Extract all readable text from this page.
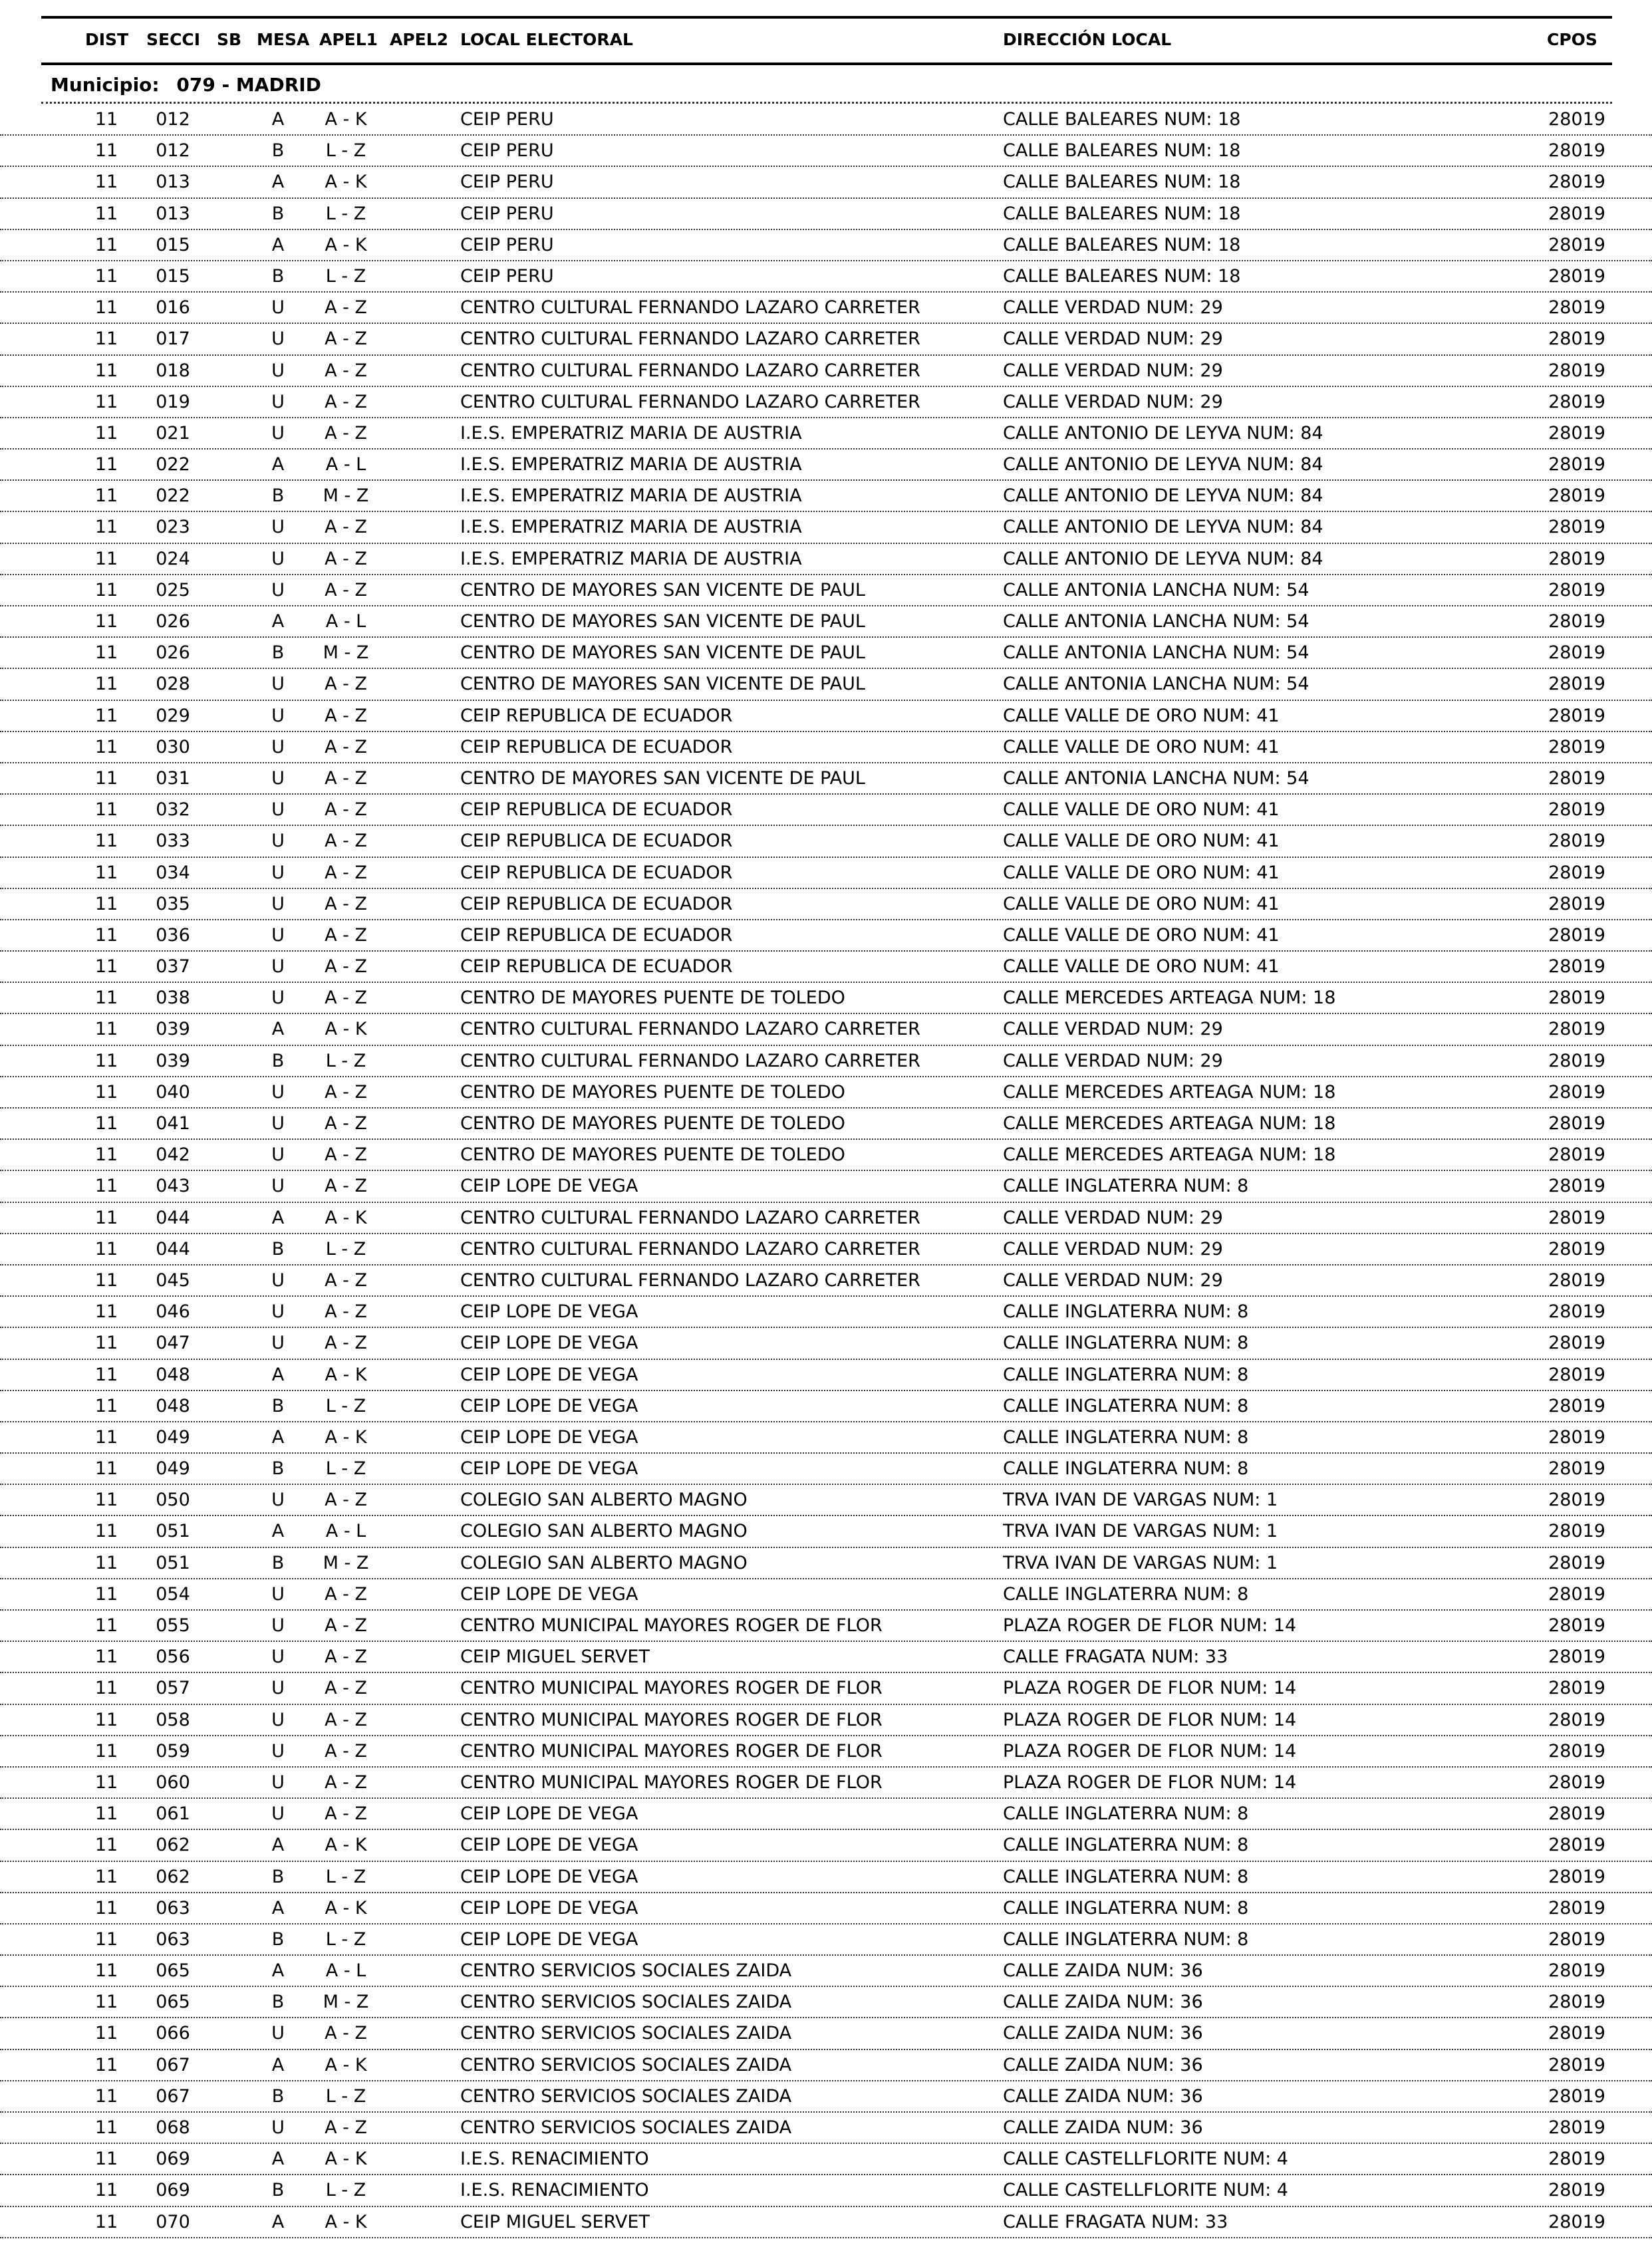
DIST SECCI SB MESA APEL1 APEL2 LOCAL ELECTORAL	DIRECCIÓN LOCAL	CPOS
Municipio: 079 - MADRID
11	012	A	A - K	CEIP PERU	CALLE BALEARES NUM: 18	28019
11	012	B	L - Z	CEIP PERU	CALLE BALEARES NUM: 18	28019
11	013	A	A - K	CEIP PERU	CALLE BALEARES NUM: 18	28019
11	013	B	L - Z	CEIP PERU	CALLE BALEARES NUM: 18	28019
11	015	A	A - K	CEIP PERU	CALLE BALEARES NUM: 18	28019
11	015	B	L - Z	CEIP PERU	CALLE BALEARES NUM: 18	28019
11	016	U	A - Z	CENTRO CULTURAL FERNANDO LAZARO CARRETER	CALLE VERDAD NUM: 29	28019
11	017	U	A - Z	CENTRO CULTURAL FERNANDO LAZARO CARRETER	CALLE VERDAD NUM: 29	28019
11	018	U	A - Z	CENTRO CULTURAL FERNANDO LAZARO CARRETER	CALLE VERDAD NUM: 29	28019
11	019	U	A - Z	CENTRO CULTURAL FERNANDO LAZARO CARRETER	CALLE VERDAD NUM: 29	28019
11	021	U	A - Z	I.E.S. EMPERATRIZ MARIA DE AUSTRIA	CALLE ANTONIO DE LEYVA NUM: 84	28019
11	022	A	A - L	I.E.S. EMPERATRIZ MARIA DE AUSTRIA	CALLE ANTONIO DE LEYVA NUM: 84	28019
11	022	B	M - Z	I.E.S. EMPERATRIZ MARIA DE AUSTRIA	CALLE ANTONIO DE LEYVA NUM: 84	28019
11	023	U	A - Z	I.E.S. EMPERATRIZ MARIA DE AUSTRIA	CALLE ANTONIO DE LEYVA NUM: 84	28019
11	024	U	A - Z	I.E.S. EMPERATRIZ MARIA DE AUSTRIA	CALLE ANTONIO DE LEYVA NUM: 84	28019
11	025	U	A - Z	CENTRO DE MAYORES SAN VICENTE DE PAUL	CALLE ANTONIA LANCHA NUM: 54	28019
11	026	A	A - L	CENTRO DE MAYORES SAN VICENTE DE PAUL	CALLE ANTONIA LANCHA NUM: 54	28019
11	026	B	M - Z	CENTRO DE MAYORES SAN VICENTE DE PAUL	CALLE ANTONIA LANCHA NUM: 54	28019
11	028	U	A - Z	CENTRO DE MAYORES SAN VICENTE DE PAUL	CALLE ANTONIA LANCHA NUM: 54	28019
11	029	U	A - Z	CEIP REPUBLICA DE ECUADOR	CALLE VALLE DE ORO NUM: 41	28019
11	030	U	A - Z	CEIP REPUBLICA DE ECUADOR	CALLE VALLE DE ORO NUM: 41	28019
11	031	U	A - Z	CENTRO DE MAYORES SAN VICENTE DE PAUL	CALLE ANTONIA LANCHA NUM: 54	28019
11	032	U	A - Z	CEIP REPUBLICA DE ECUADOR	CALLE VALLE DE ORO NUM: 41	28019
11	033	U	A - Z	CEIP REPUBLICA DE ECUADOR	CALLE VALLE DE ORO NUM: 41	28019
11	034	U	A - Z	CEIP REPUBLICA DE ECUADOR	CALLE VALLE DE ORO NUM: 41	28019
11	035	U	A - Z	CEIP REPUBLICA DE ECUADOR	CALLE VALLE DE ORO NUM: 41	28019
11	036	U	A - Z	CEIP REPUBLICA DE ECUADOR	CALLE VALLE DE ORO NUM: 41	28019
11	037	U	A - Z	CEIP REPUBLICA DE ECUADOR	CALLE VALLE DE ORO NUM: 41	28019
11	038	U	A - Z	CENTRO DE MAYORES PUENTE DE TOLEDO	CALLE MERCEDES ARTEAGA NUM: 18	28019
11	039	A	A - K	CENTRO CULTURAL FERNANDO LAZARO CARRETER	CALLE VERDAD NUM: 29	28019
11	039	B	L - Z	CENTRO CULTURAL FERNANDO LAZARO CARRETER	CALLE VERDAD NUM: 29	28019
11	040	U	A - Z	CENTRO DE MAYORES PUENTE DE TOLEDO	CALLE MERCEDES ARTEAGA NUM: 18	28019
11	041	U	A - Z	CENTRO DE MAYORES PUENTE DE TOLEDO	CALLE MERCEDES ARTEAGA NUM: 18	28019
11	042	U	A - Z	CENTRO DE MAYORES PUENTE DE TOLEDO	CALLE MERCEDES ARTEAGA NUM: 18	28019
11	043	U	A - Z	CEIP LOPE DE VEGA	CALLE INGLATERRA NUM: 8	28019
11	044	A	A - K	CENTRO CULTURAL FERNANDO LAZARO CARRETER	CALLE VERDAD NUM: 29	28019
11	044	B	L - Z	CENTRO CULTURAL FERNANDO LAZARO CARRETER	CALLE VERDAD NUM: 29	28019
11	045	U	A - Z	CENTRO CULTURAL FERNANDO LAZARO CARRETER	CALLE VERDAD NUM: 29	28019
11	046	U	A - Z	CEIP LOPE DE VEGA	CALLE INGLATERRA NUM: 8	28019
11	047	U	A - Z	CEIP LOPE DE VEGA	CALLE INGLATERRA NUM: 8	28019
11	048	A	A - K	CEIP LOPE DE VEGA	CALLE INGLATERRA NUM: 8	28019
11	048	B	L - Z	CEIP LOPE DE VEGA	CALLE INGLATERRA NUM: 8	28019
11	049	A	A - K	CEIP LOPE DE VEGA	CALLE INGLATERRA NUM: 8	28019
11	049	B	L - Z	CEIP LOPE DE VEGA	CALLE INGLATERRA NUM: 8	28019
11	050	U	A - Z	COLEGIO SAN ALBERTO MAGNO	TRVA IVAN DE VARGAS NUM: 1	28019
11	051	A	A - L	COLEGIO SAN ALBERTO MAGNO	TRVA IVAN DE VARGAS NUM: 1	28019
11	051	B	M - Z	COLEGIO SAN ALBERTO MAGNO	TRVA IVAN DE VARGAS NUM: 1	28019
11	054	U	A - Z	CEIP LOPE DE VEGA	CALLE INGLATERRA NUM: 8	28019
11	055	U	A - Z	CENTRO MUNICIPAL MAYORES ROGER DE FLOR	PLAZA ROGER DE FLOR NUM: 14	28019
11	056	U	A - Z	CEIP MIGUEL SERVET	CALLE FRAGATA NUM: 33	28019
11	057	U	A - Z	CENTRO MUNICIPAL MAYORES ROGER DE FLOR	PLAZA ROGER DE FLOR NUM: 14	28019
11	058	U	A - Z	CENTRO MUNICIPAL MAYORES ROGER DE FLOR	PLAZA ROGER DE FLOR NUM: 14	28019
11	059	U	A - Z	CENTRO MUNICIPAL MAYORES ROGER DE FLOR	PLAZA ROGER DE FLOR NUM: 14	28019
11	060	U	A - Z	CENTRO MUNICIPAL MAYORES ROGER DE FLOR	PLAZA ROGER DE FLOR NUM: 14	28019
11	061	U	A - Z	CEIP LOPE DE VEGA	CALLE INGLATERRA NUM: 8	28019
11	062	A	A - K	CEIP LOPE DE VEGA	CALLE INGLATERRA NUM: 8	28019
11	062	B	L - Z	CEIP LOPE DE VEGA	CALLE INGLATERRA NUM: 8	28019
11	063	A	A - K	CEIP LOPE DE VEGA	CALLE INGLATERRA NUM: 8	28019
11	063	B	L - Z	CEIP LOPE DE VEGA	CALLE INGLATERRA NUM: 8	28019
11	065	A	A - L	CENTRO SERVICIOS SOCIALES ZAIDA	CALLE ZAIDA NUM: 36	28019
11	065	B	M - Z	CENTRO SERVICIOS SOCIALES ZAIDA	CALLE ZAIDA NUM: 36	28019
11	066	U	A - Z	CENTRO SERVICIOS SOCIALES ZAIDA	CALLE ZAIDA NUM: 36	28019
11	067	A	A - K	CENTRO SERVICIOS SOCIALES ZAIDA	CALLE ZAIDA NUM: 36	28019
11	067	B	L - Z	CENTRO SERVICIOS SOCIALES ZAIDA	CALLE ZAIDA NUM: 36	28019
11	068	U	A - Z	CENTRO SERVICIOS SOCIALES ZAIDA	CALLE ZAIDA NUM: 36	28019
11	069	A	A - K	I.E.S. RENACIMIENTO	CALLE CASTELLFLORITE NUM: 4	28019
11	069	B	L - Z	I.E.S. RENACIMIENTO	CALLE CASTELLFLORITE NUM: 4	28019
11	070	A	A - K	CEIP MIGUEL SERVET	CALLE FRAGATA NUM: 33	28019
